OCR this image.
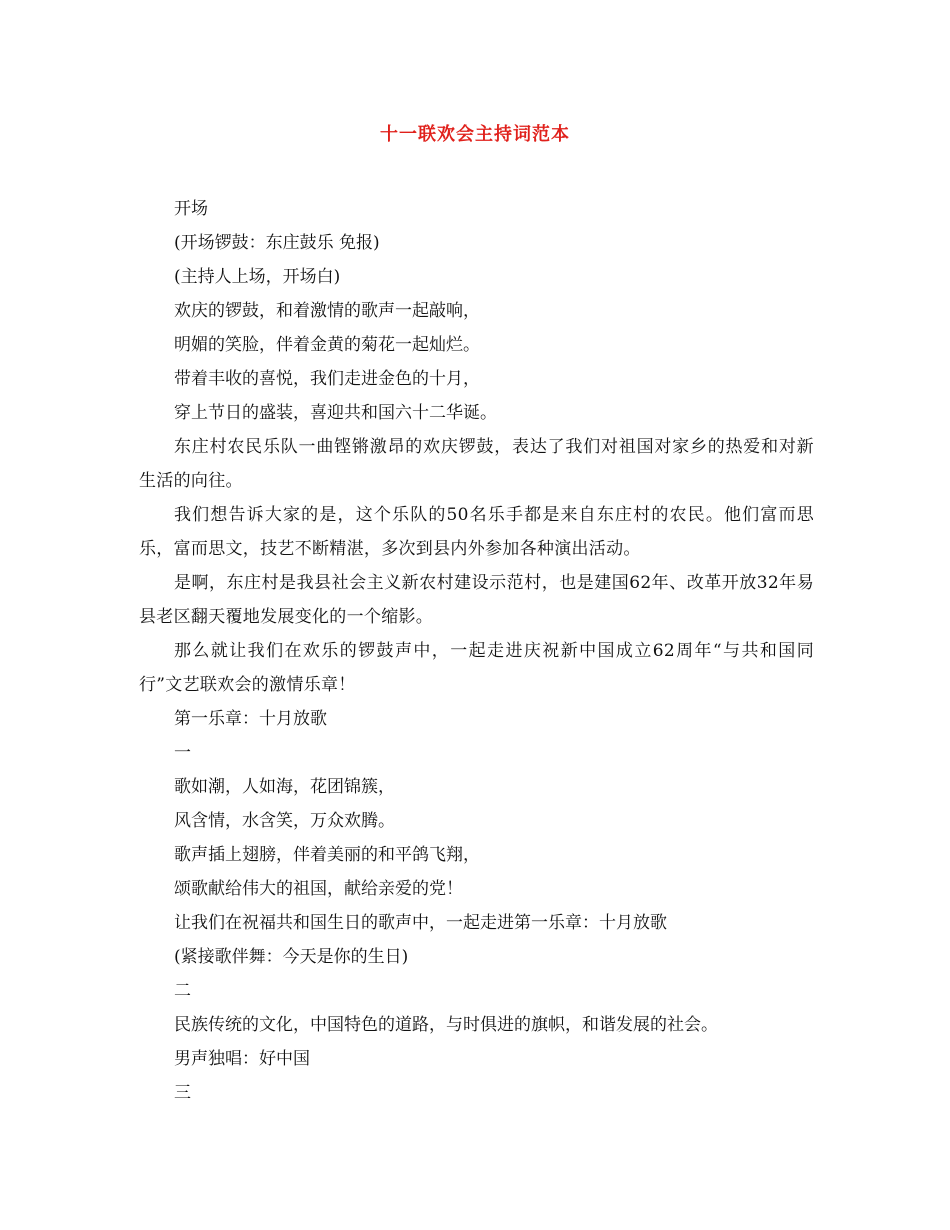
十一联欢会主持词范本
开场
(开场锣鼓：东庄鼓乐 免报)
(主持人上场，开场白)
欢庆的锣鼓，和着激情的歌声一起敲响，
明媚的笑脸，伴着金黄的菊花一起灿烂。
带着丰收的喜悦，我们走进金色的十月，
穿上节日的盛装，喜迎共和国六十二华诞。
东庄村农民乐队一曲铿锵激昂的欢庆锣鼓，表达了我们对祖国对家乡的热爱和对新生活的向往。
我们想告诉大家的是，这个乐队的50名乐手都是来自东庄村的农民。他们富而思乐，富而思文，技艺不断精湛，多次到县内外参加各种演出活动。
是啊，东庄村是我县社会主义新农村建设示范村，也是建国62年、改革开放32年易县老区翻天覆地发展变化的一个缩影。
那么就让我们在欢乐的锣鼓声中，一起走进庆祝新中国成立62周年“与共和国同行”文艺联欢会的激情乐章！
第一乐章：十月放歌
一
歌如潮，人如海，花团锦簇，
风含情，水含笑，万众欢腾。
歌声插上翅膀，伴着美丽的和平鸽飞翔，
颂歌献给伟大的祖国，献给亲爱的党！
让我们在祝福共和国生日的歌声中，一起走进第一乐章：十月放歌
(紧接歌伴舞：今天是你的生日)
二
民族传统的文化，中国特色的道路，与时俱进的旗帜，和谐发展的社会。
男声独唱：好中国
三
